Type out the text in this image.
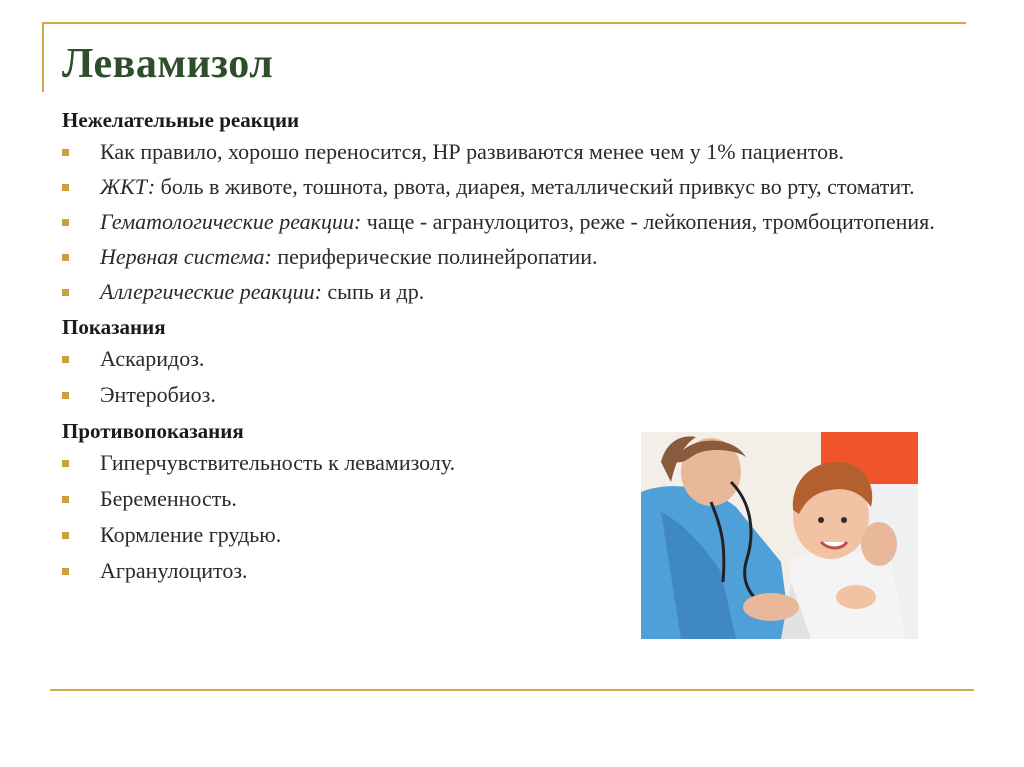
Левамизол
Нежелательные реакции
Как правило, хорошо переносится, НР развиваются менее чем у 1% пациентов.
ЖКТ: боль в животе, тошнота, рвота, диарея, металлический привкус во рту, стоматит.
Гематологические реакции: чаще - агранулоцитоз, реже - лейкопения, тромбоцитопения.
Нервная система: периферические полинейропатии.
Аллергические реакции: сыпь и др.
Показания
Аскаридоз.
Энтеробиоз.
Противопоказания
Гиперчувствительность к левамизолу.
Беременность.
Кормление грудью.
Агранулоцитоз.
